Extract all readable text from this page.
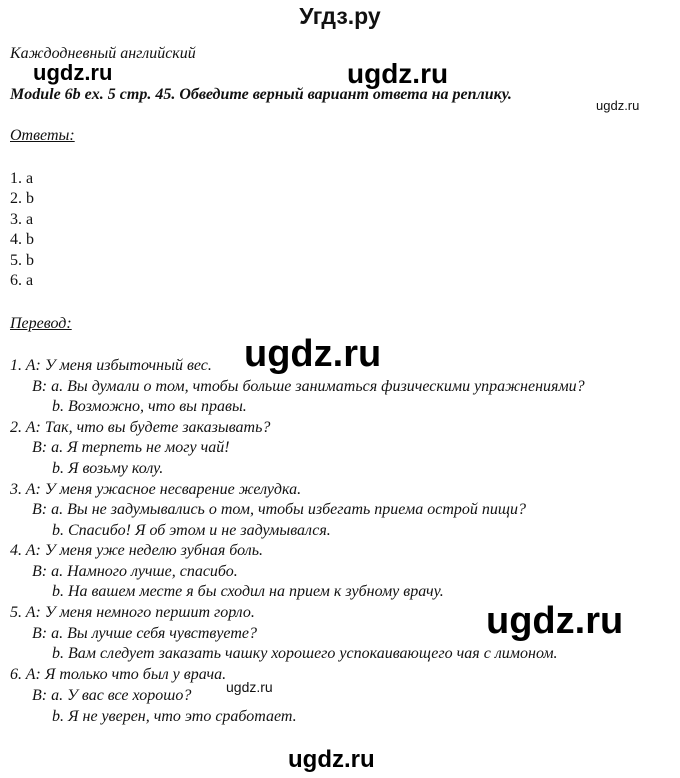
Угдз.ру
Каждодневный английский
Module 6b ex. 5 стр. 45. Обведите верный вариант ответа на реплику.
Ответы:
1. a
2. b
3. a
4. b
5. b
6. a
Перевод:
1. A: У меня избыточный вес.
B: a. Вы думали о том, чтобы больше заниматься физическими упражнениями?
b. Возможно, что вы правы.
2. A: Так, что вы будете заказывать?
B: a. Я терпеть не могу чай!
b. Я возьму колу.
3. A: У меня ужасное несварение желудка.
B: a. Вы не задумывались о том, чтобы избегать приема острой пищи?
b. Спасибо! Я об этом и не задумывался.
4. A: У меня уже неделю зубная боль.
B: a. Намного лучше, спасибо.
b. На вашем месте я бы сходил на прием к зубному врачу.
5. A: У меня немного першит горло.
B: a. Вы лучше себя чувствуете?
b. Вам следует заказать чашку хорошего успокаивающего чая с лимоном.
6. A: Я только что был у врача.
B: a. У вас все хорошо?
b. Я не уверен, что это сработает.
ugdz.ru	ugdz.ru
ugdz.ru
ugdz.ru
ugdz.ru
ugdz.ru
ugdz.ru
